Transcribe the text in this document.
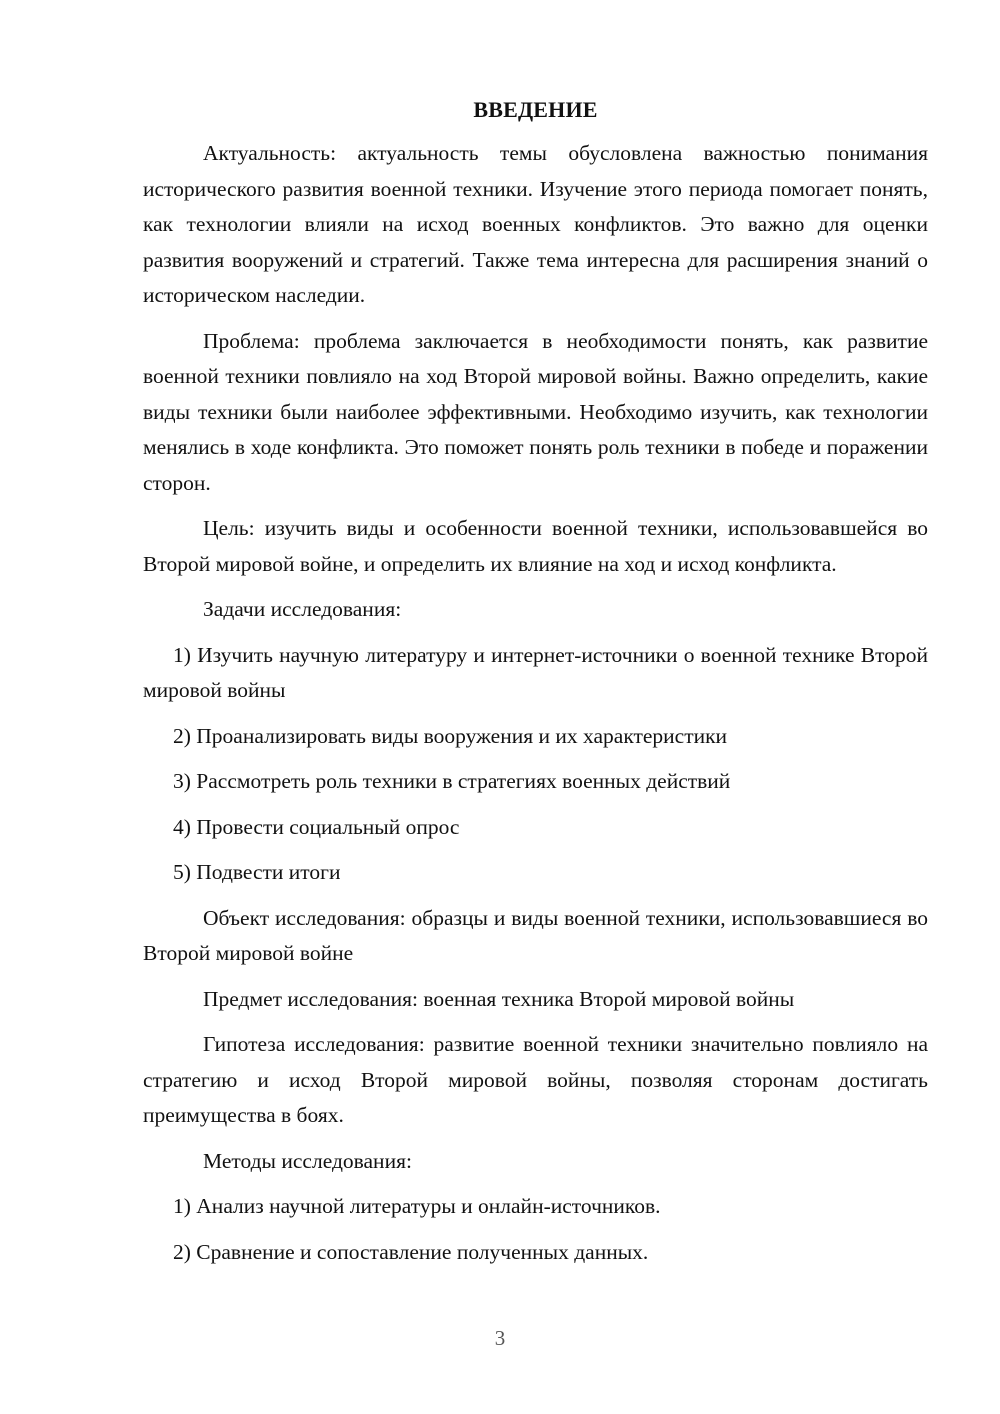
ВВЕДЕНИЕ

Актуальность: актуальность темы обусловлена важностью понимания исторического развития военной техники. Изучение этого периода помогает понять, как технологии влияли на исход военных конфликтов. Это важно для оценки развития вооружений и стратегий. Также тема интересна для расширения знаний о историческом наследии.

Проблема: проблема заключается в необходимости понять, как развитие военной техники повлияло на ход Второй мировой войны. Важно определить, какие виды техники были наиболее эффективными. Необходимо изучить, как технологии менялись в ходе конфликта. Это поможет понять роль техники в победе и поражении сторон.

Цель: изучить виды и особенности военной техники, использовавшейся во Второй мировой войне, и определить их влияние на ход и исход конфликта.

Задачи исследования:

1) Изучить научную литературу и интернет-источники о военной технике Второй мировой войны

2) Проанализировать виды вооружения и их характеристики

3) Рассмотреть роль техники в стратегиях военных действий

4) Провести социальный опрос

5) Подвести итоги

Объект исследования: образцы и виды военной техники, использовавшиеся во Второй мировой войне

Предмет исследования: военная техника Второй мировой войны

Гипотеза исследования: развитие военной техники значительно повлияло на стратегию и исход Второй мировой войны, позволяя сторонам достигать преимущества в боях.

Методы исследования:

1) Анализ научной литературы и онлайн-источников.

2) Сравнение и сопоставление полученных данных.

3
